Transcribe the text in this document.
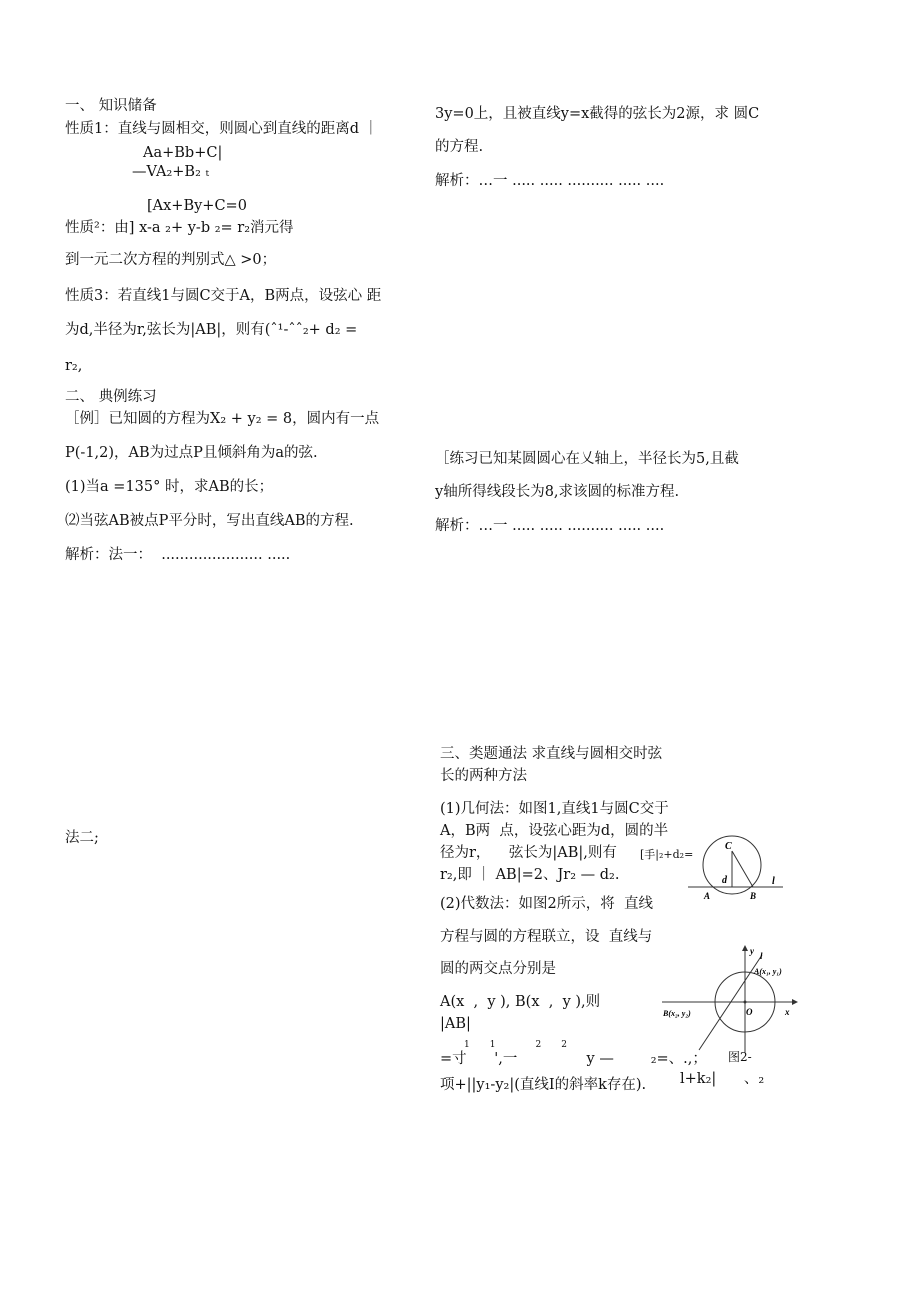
一、 知识储备
性质1：直线与圆相交，则圆心到直线的距离d ｜
Aa+Bb+C|
—VA₂+B₂ ₜ
[Ax+By+C=0
性质²：由] x-a ₂+ y-b ₂= r₂消元得
到一元二次方程的判别式△ >0；
性质3：若直线1与圆C交于A，B两点，设弦心 距
为d,半径为r,弦长为|AB|，则有(ˆ¹-ˆˆ₂+ d₂ =
r₂,
二、 典例练习
［例］已知圆的方程为X₂ + y₂ = 8，圆内有一点
P(-1,2)，AB为过点P且倾斜角为a的弦.
(1)当a =135° 时，求AB的长；
⑵当弦AB被点P平分时，写出直线AB的方程.
解析：法一：  ...................... .....
法二;
3y=0上，且被直线y=x截得的弦长为2源，求 圆C
的方程.
解析：…一 ..... ..... .......... ..... ....
［练习已知某圆圆心在乂轴上，半径长为5,且截
y轴所得线段长为8,求该圆的标准方程.
解析：…一 ..... ..... .......... ..... ....
三、类题通法 求直线与圆相交时弦
长的两种方法
(1)几何法：如图1,直线1与圆C交于
A，B两  点，设弦心距为d，圆的半
径为r，    弦长为|AB|,则有 [手|₂+d₂=
r₂,即 ｜ AB|=2、Jr₂ — d₂.
(2)代数法：如图2所示，将  直线
方程与圆的方程联立，设  直线与
圆的两交点分别是
A(x  ,  y ), B(x  ,  y ),则
|AB|
1       1              2       2
=寸      ',一               y —        ₂=、.,； 图2-
项+||y₁-y₂|(直线I的斜率k存在). l+k₂|      、₂
C
d	l
A	B
y l
A(x₁, y₁)
B(x₂, y₂)	O	x
